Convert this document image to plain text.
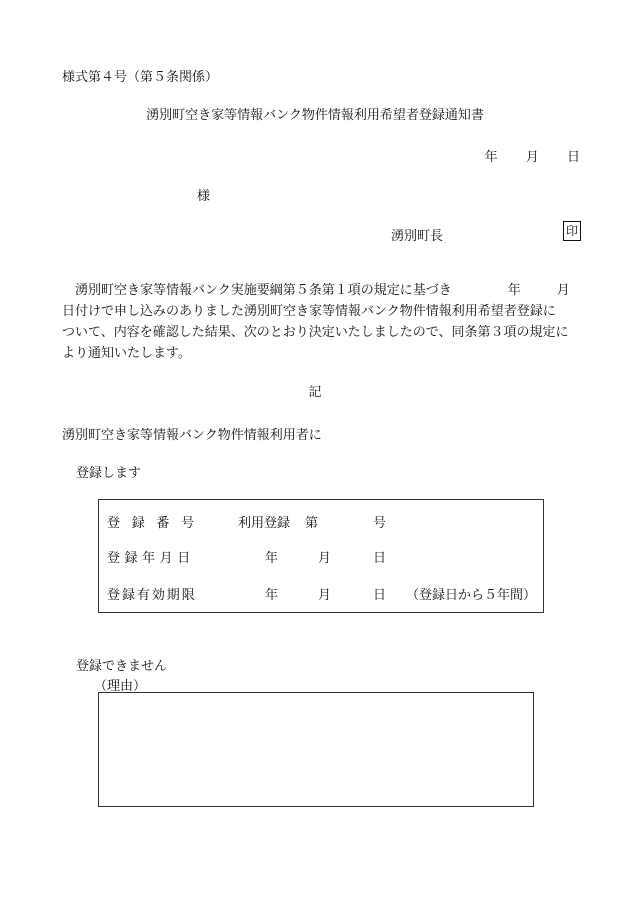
様式第４号（第５条関係）
湧別町空き家等情報バンク物件情報利用希望者登録通知書
年 月 日
様
湧別町長	印
湧別町空き家等情報バンク実施要綱第５条第１項の規定に基づき	年	月
日付けで申し込みのありました湧別町空き家等情報バンク物件情報利用希望者登録に
ついて、内容を確認した結果、次のとおり決定いたしましたので、同条第３項の規定に
より通知いたします。
記
湧別町空き家等情報バンク物件情報利用者に
登録します
登録番号 利用登録 第	号
登録年月日	年	月	日
登録有効期限	年	月	日 （登録日から５年間）
登録できません
（理由）
